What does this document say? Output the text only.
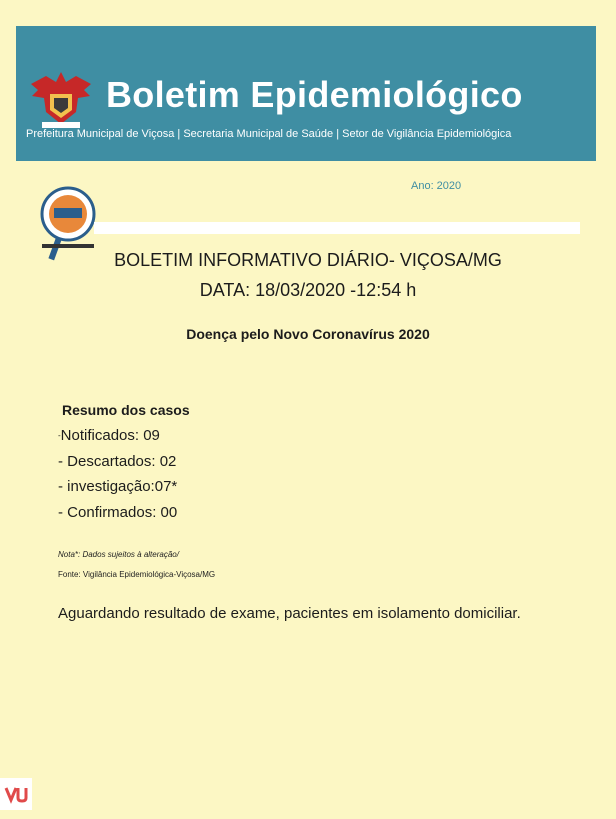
Boletim Epidemiológico
Prefeitura Municipal de Viçosa | Secretaria Municipal de Saúde | Setor de Vigilância Epidemiológica
Ano: 2020
BOLETIM INFORMATIVO DIÁRIO- VIÇOSA/MG
DATA: 18/03/2020 -12:54 h
Doença pelo Novo Coronavírus 2020
Resumo dos casos
-Notificados: 09
- Descartados: 02
- investigação:07*
- Confirmados: 00
Nota*: Dados sujeitos à alteração/
Fonte: Vigilância Epidemiológica-Viçosa/MG
Aguardando resultado de exame, pacientes em isolamento domiciliar.
